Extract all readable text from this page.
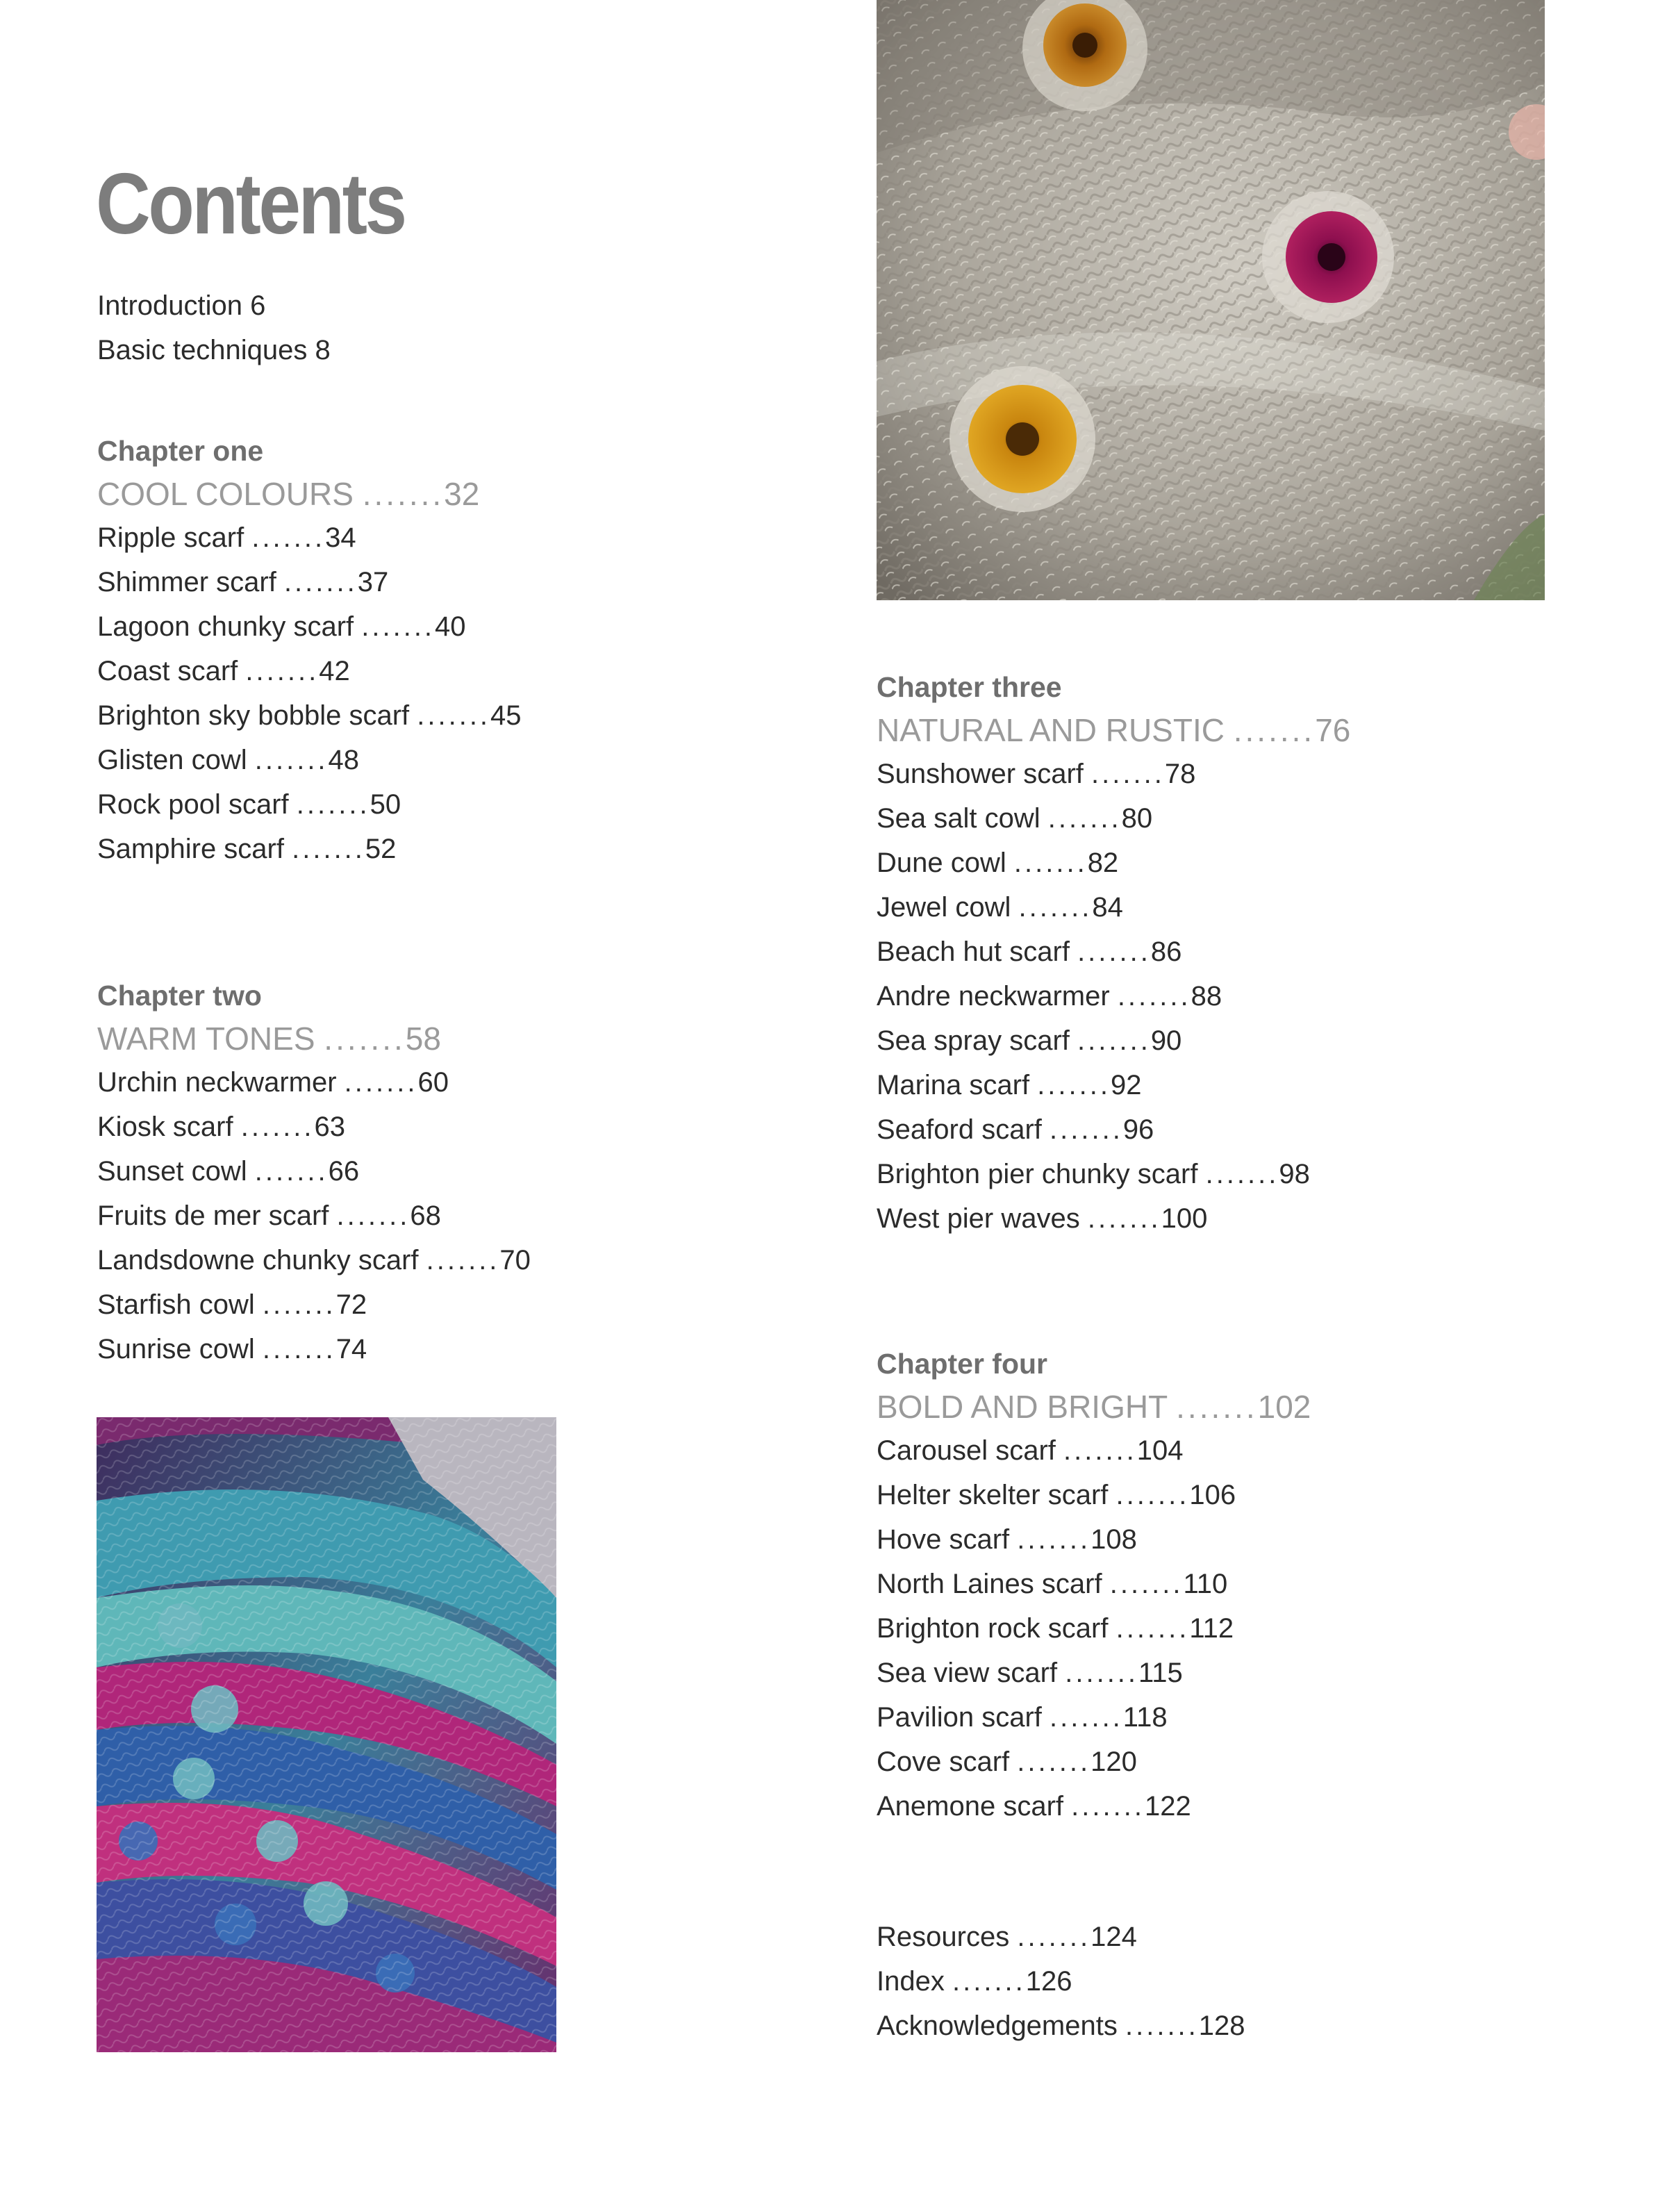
Contents
Introduction 6
Basic techniques 8
Chapter one
COOL COLOURS .......32
Ripple scarf .......34
Shimmer scarf .......37
Lagoon chunky scarf .......40
Coast scarf .......42
Brighton sky bobble scarf .......45
Glisten cowl .......48
Rock pool scarf .......50
Samphire scarf .......52
Chapter two
WARM TONES .......58
Urchin neckwarmer .......60
Kiosk scarf .......63
Sunset cowl .......66
Fruits de mer scarf .......68
Landsdowne chunky scarf .......70
Starfish cowl .......72
Sunrise cowl .......74
Chapter three
NATURAL AND RUSTIC .......76
Sunshower scarf .......78
Sea salt cowl .......80
Dune cowl .......82
Jewel cowl .......84
Beach hut scarf .......86
Andre neckwarmer .......88
Sea spray scarf .......90
Marina scarf .......92
Seaford scarf .......96
Brighton pier chunky scarf .......98
West pier waves .......100
Chapter four
BOLD AND BRIGHT .......102
Carousel scarf .......104
Helter skelter scarf .......106
Hove scarf .......108
North Laines scarf .......110
Brighton rock scarf .......112
Sea view scarf .......115
Pavilion scarf .......118
Cove scarf .......120
Anemone scarf .......122
Resources .......124
Index .......126
Acknowledgements .......128
